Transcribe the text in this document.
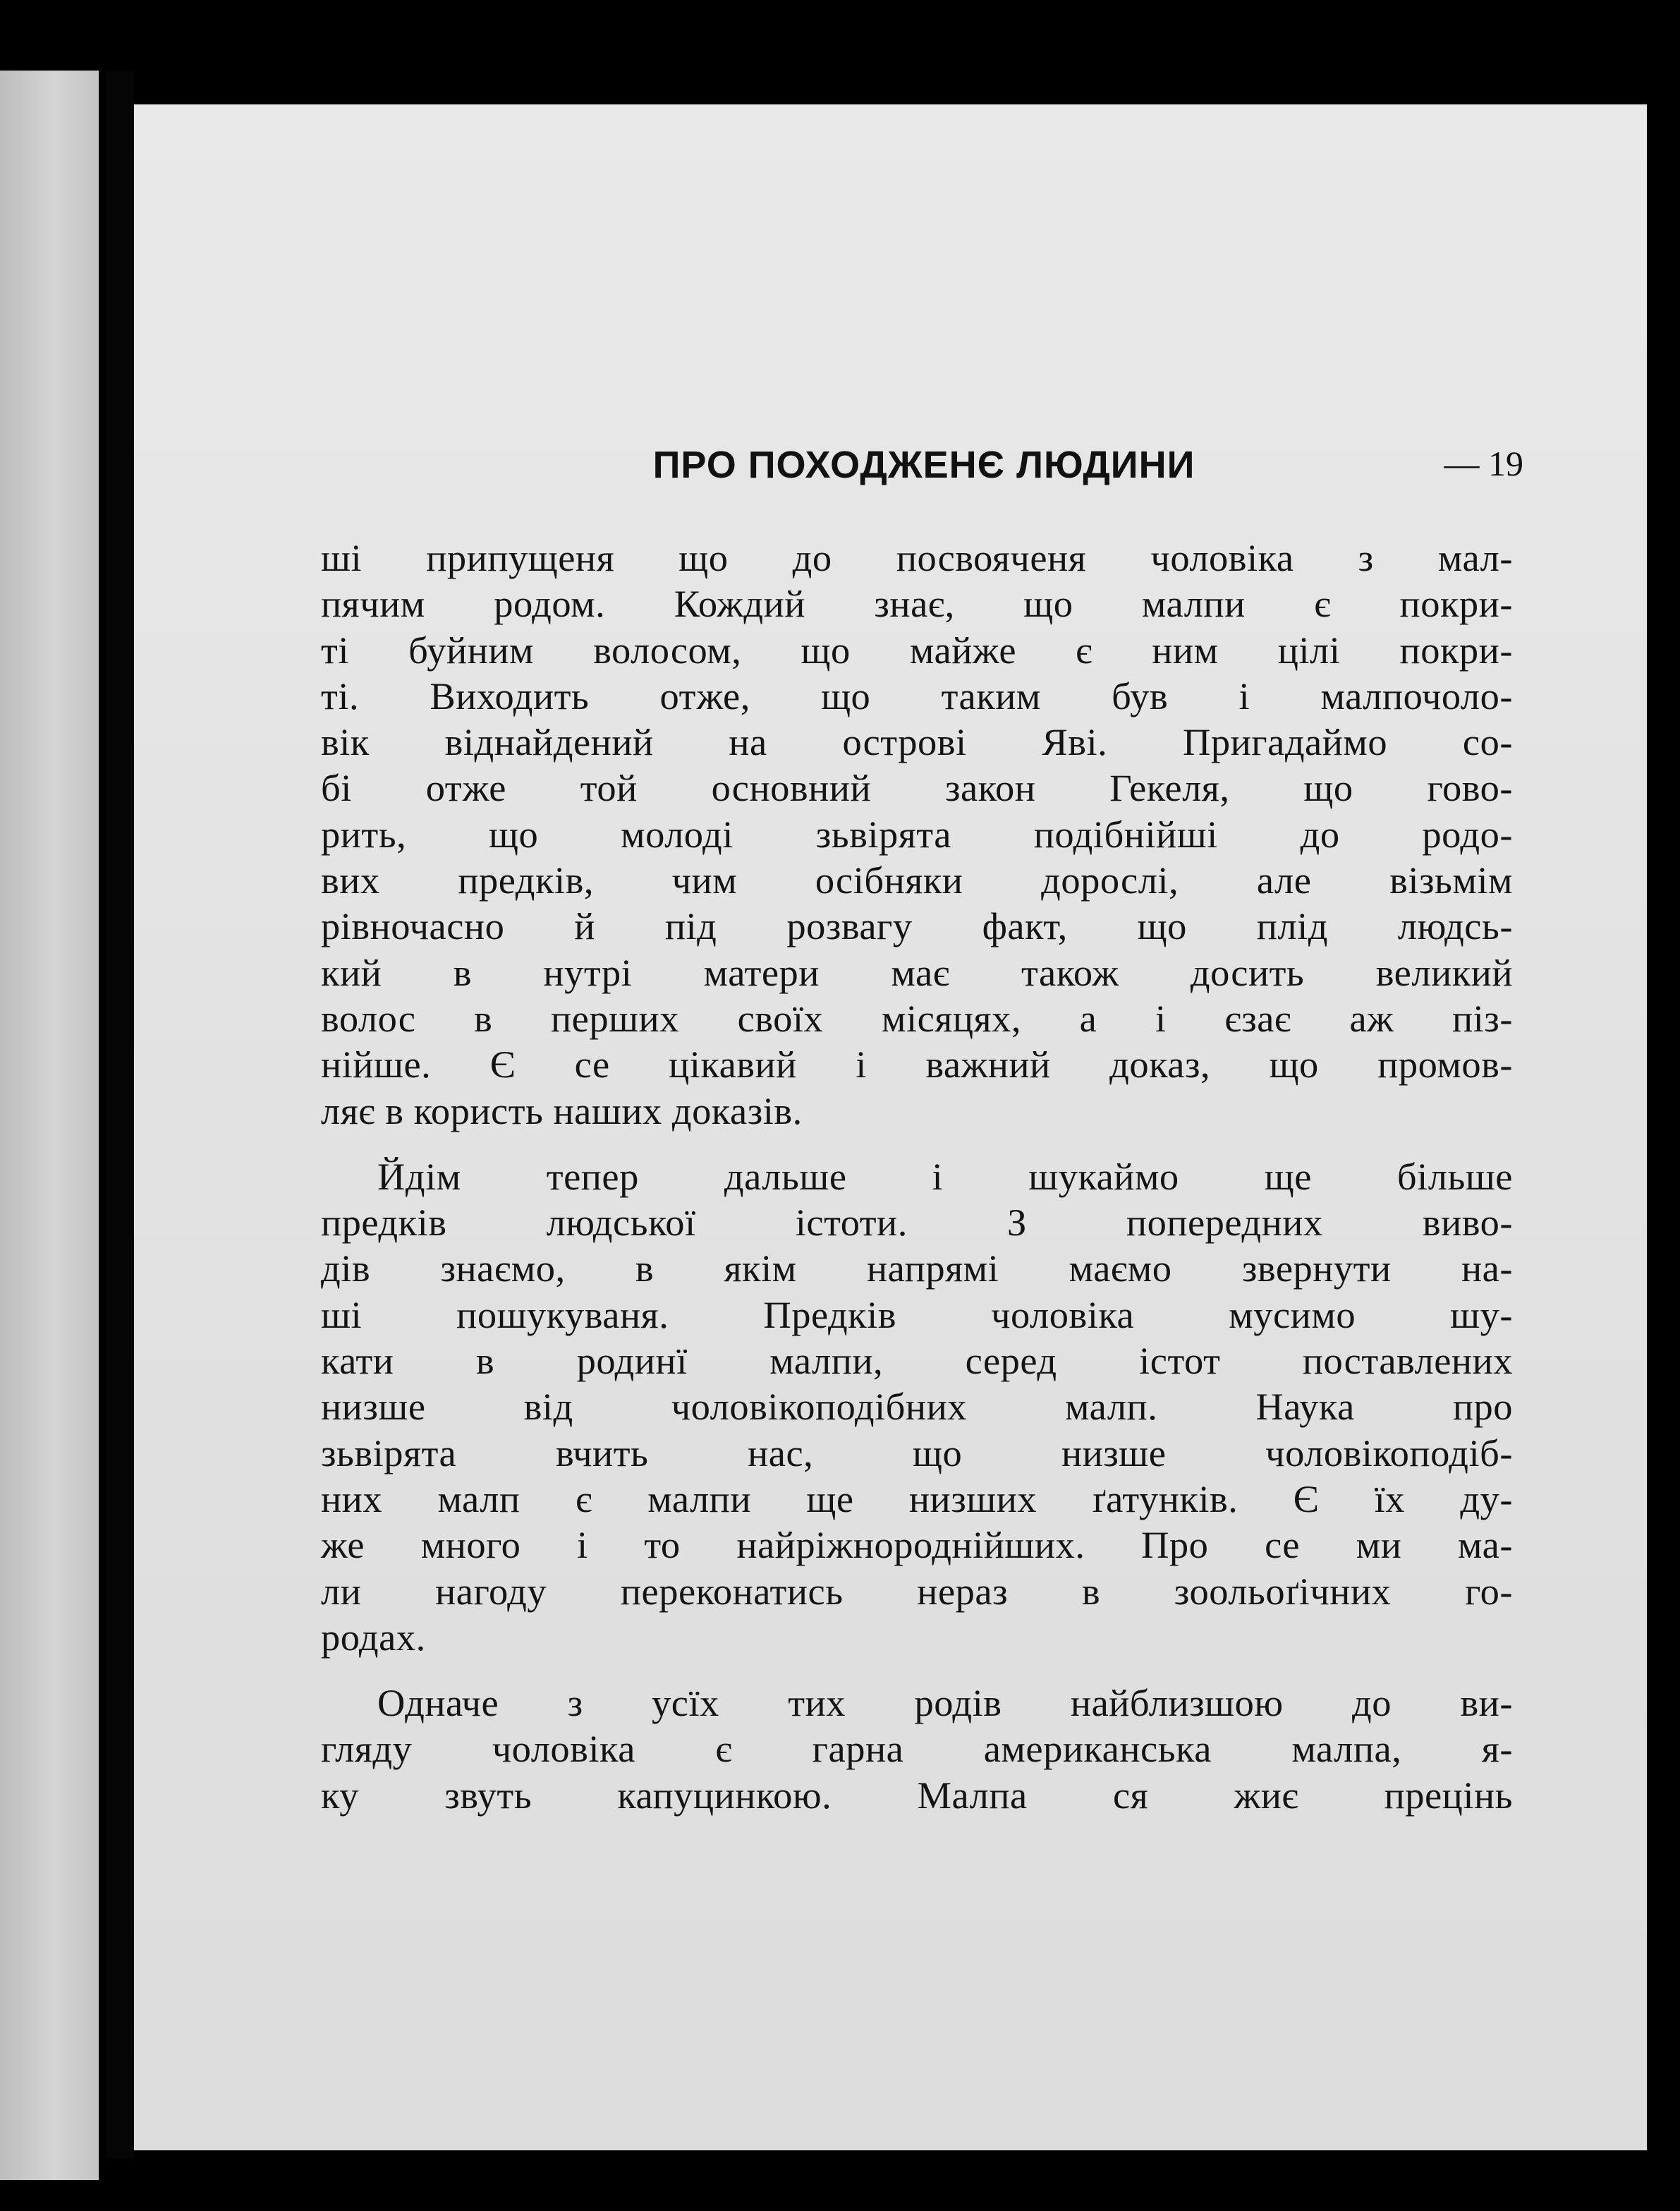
ПРО ПОХОДЖЕНЄ ЛЮДИНИ	— 19
ші припущеня що до посвояченя чоловіка з мал-
пячим родом. Кождий знає, що малпи є покри-
ті буйним волосом, що майже є ним цілі покри-
ті. Виходить отже, що таким був і малпочоло-
вік віднайдений на острові Яві. Пригадаймо со-
бі отже той основний закон Гекеля, що гово-
рить, що молоді зьвірята подібнійші до родо-
вих предків, чим осібняки дорослі, але візьмім
рівночасно й під розвагу факт, що плід людсь-
кий в нутрі матери має також досить великий
волос в перших своїх місяцях, а і єзає аж піз-
нійше. Є се цікавий і важний доказ, що промов-
ляє в користь наших доказів.
Йдім тепер дальше і шукаймо ще більше
предків людської істоти. З попередних виво-
дів знаємо, в якім напрямі маємо звернути на-
ші пошукуваня. Предків чоловіка мусимо шу-
кати в родинї малпи, серед істот поставлених
низше від чоловікоподібних малп. Наука про
зьвірята вчить нас, що низше чоловікоподіб-
них малп є малпи ще низших ґатунків. Є їх ду-
же много і то найріжнороднійших. Про се ми ма-
ли нагоду переконатись нераз в зоольоґічних го-
родах.
Одначе з усїх тих родів найблизшою до ви-
гляду чоловіка є гарна американська малпа, я-
ку звуть капуцинкою. Малпа ся жиє прецінь
